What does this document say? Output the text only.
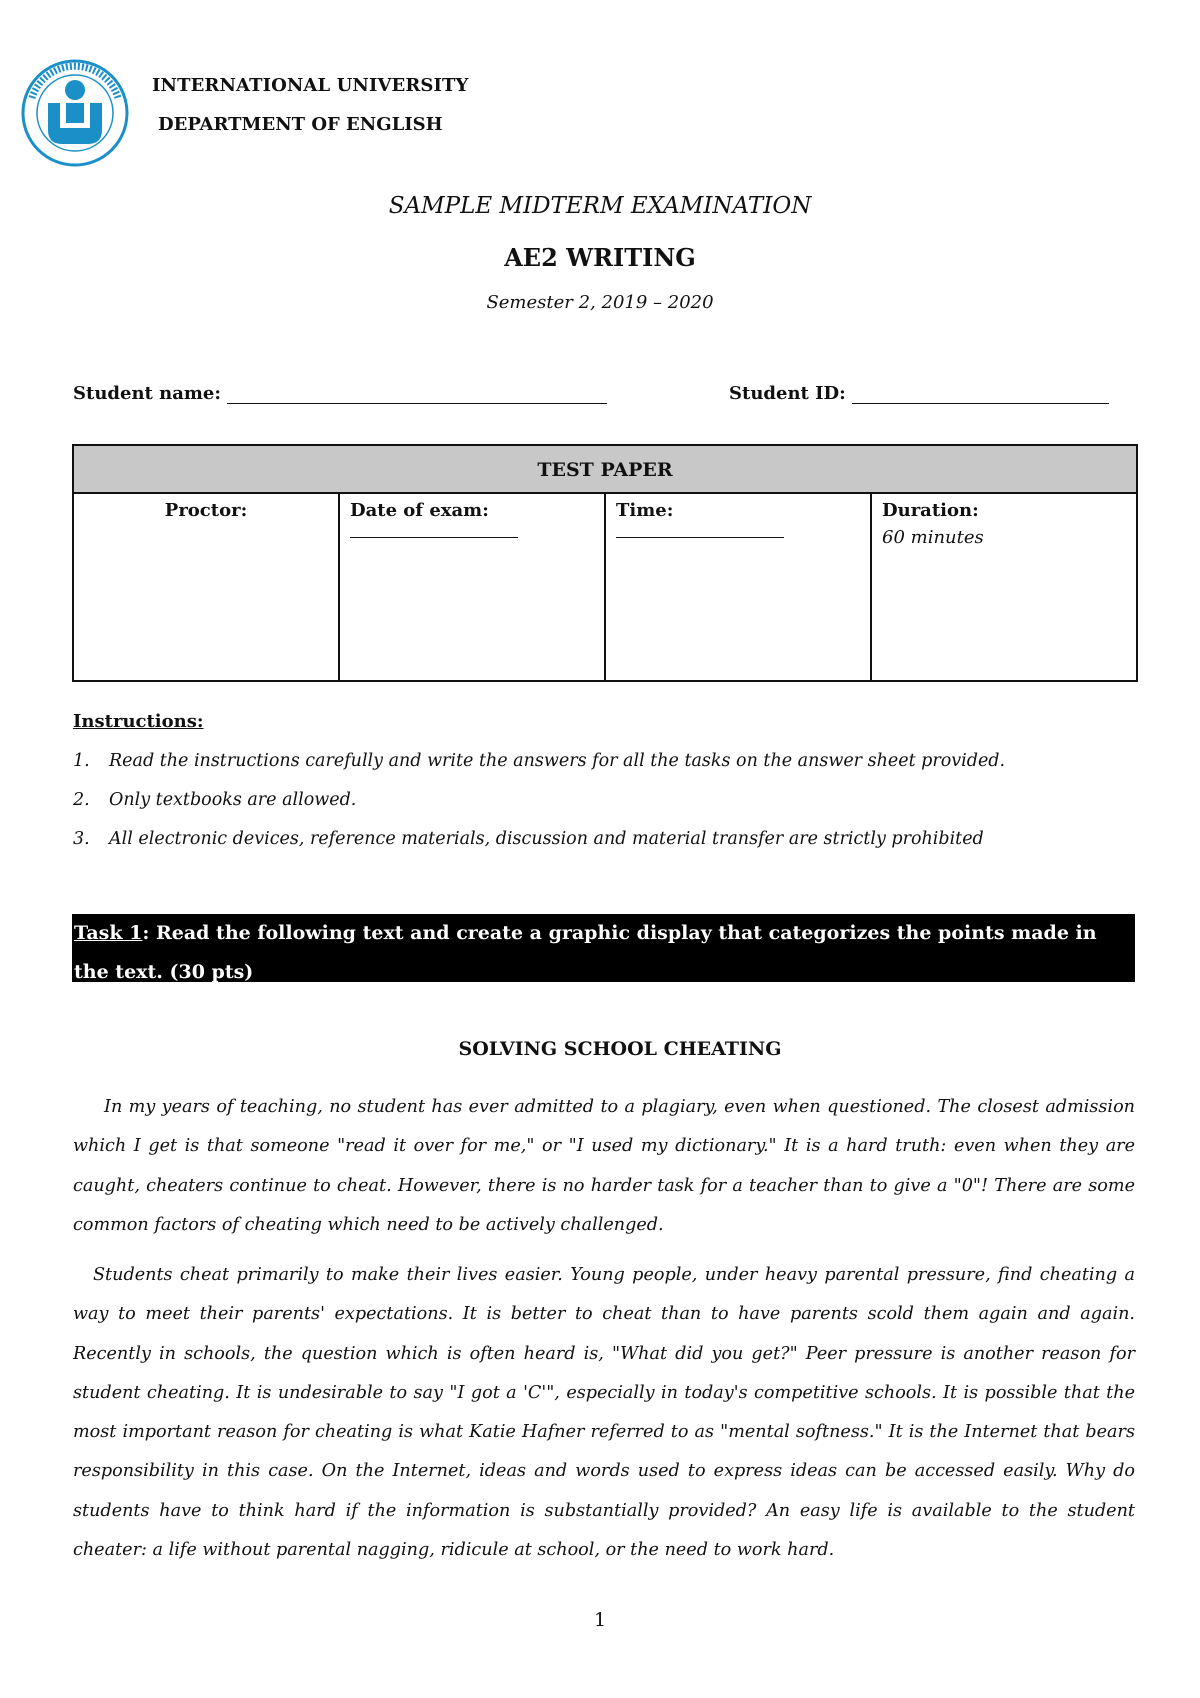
INTERNATIONAL UNIVERSITY
DEPARTMENT OF ENGLISH
SAMPLE MIDTERM EXAMINATION
AE2 WRITING
Semester 2, 2019 – 2020
Student name:	Student ID:
TEST PAPER
Proctor:	Date of exam:	Time:	Duration:
60 minutes
Instructions:
1. Read the instructions carefully and write the answers for all the tasks on the answer sheet provided.
2. Only textbooks are allowed.
3. All electronic devices, reference materials, discussion and material transfer are strictly prohibited
Task 1: Read the following text and create a graphic display that categorizes the points made in the text. (30 pts)
SOLVING SCHOOL CHEATING
In my years of teaching, no student has ever admitted to a plagiary, even when questioned. The closest admission which I get is that someone "read it over for me," or "I used my dictionary." It is a hard truth: even when they are caught, cheaters continue to cheat. However, there is no harder task for a teacher than to give a "0"! There are some common factors of cheating which need to be actively challenged.
Students cheat primarily to make their lives easier. Young people, under heavy parental pressure, find cheating a way to meet their parents' expectations. It is better to cheat than to have parents scold them again and again. Recently in schools, the question which is often heard is, "What did you get?" Peer pressure is another reason for student cheating. It is undesirable to say "I got a 'C'", especially in today's competitive schools. It is possible that the most important reason for cheating is what Katie Hafner referred to as "mental softness." It is the Internet that bears responsibility in this case. On the Internet, ideas and words used to express ideas can be accessed easily. Why do students have to think hard if the information is substantially provided? An easy life is available to the student cheater: a life without parental nagging, ridicule at school, or the need to work hard.
1
